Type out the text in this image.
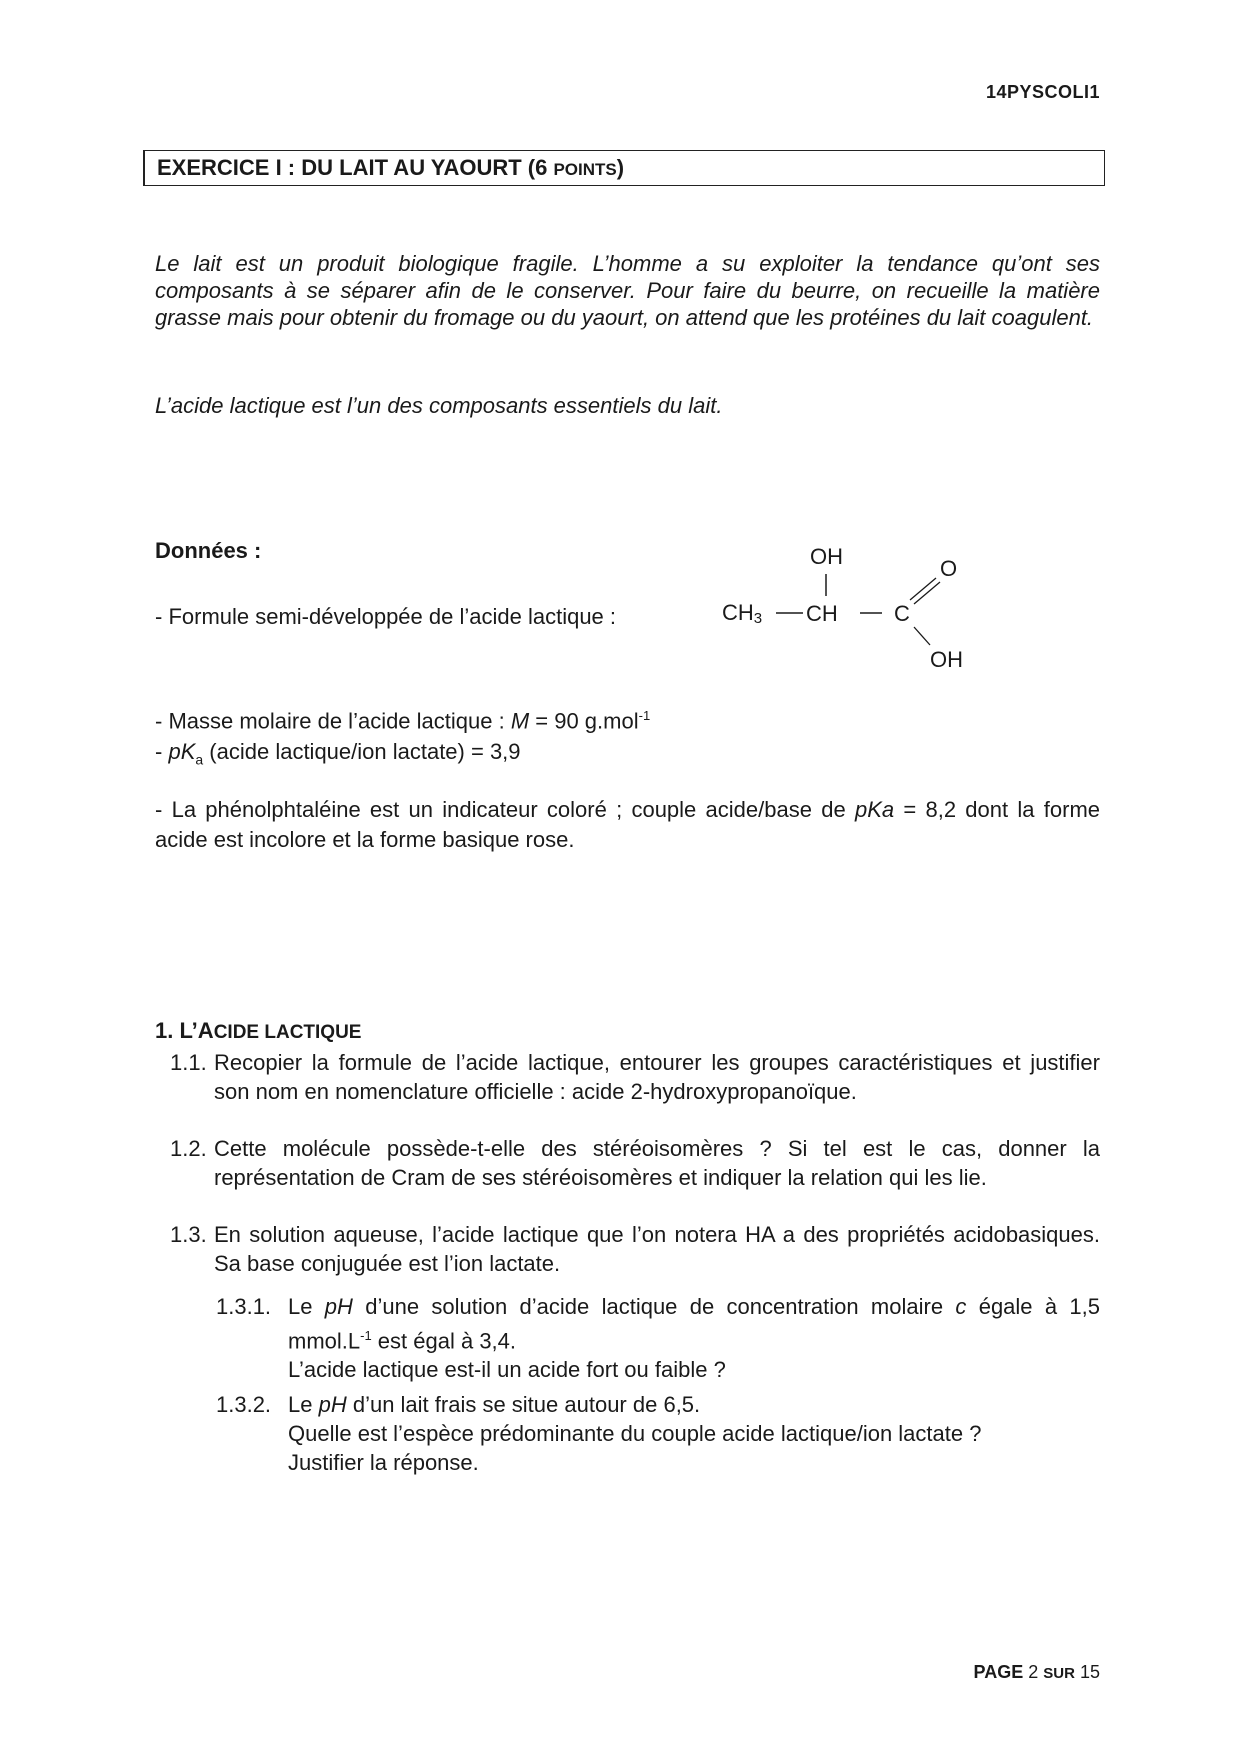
14PYSCOLI1
EXERCICE I : DU LAIT AU YAOURT (6 POINTS)
Le lait est un produit biologique fragile. L’homme a su exploiter la tendance qu’ont ses composants à se séparer afin de le conserver. Pour faire du beurre, on recueille la matière grasse mais pour obtenir du fromage ou du yaourt, on attend que les protéines du lait coagulent.
L’acide lactique est l’un des composants essentiels du lait.
Données :
- Formule semi-développée de l’acide lactique :
OH
CH3 CH	C
O
OH
- Masse molaire de l’acide lactique : M = 90 g.mol$^{-1}$
- $pK_a$ (acide lactique/ion lactate) = 3,9
- La phénolphtaléine est un indicateur coloré ; couple acide/base de pKa = 8,2 dont la forme acide est incolore et la forme basique rose.
1. L’ACIDE LACTIQUE
1.1. Recopier la formule de l’acide lactique, entourer les groupes caractéristiques et justifier son nom en nomenclature officielle : acide 2-hydroxypropanoïque.
1.2. Cette molécule possède-t-elle des stéréoisomères ? Si tel est le cas, donner la représentation de Cram de ses stéréoisomères et indiquer la relation qui les lie.
1.3. En solution aqueuse, l’acide lactique que l’on notera HA a des propriétés acidobasiques. Sa base conjuguée est l’ion lactate.
1.3.1. Le pH d’une solution d’acide lactique de concentration molaire c égale à 1,5 $mmol.L^{-1}$ est égal à 3,4.
L’acide lactique est-il un acide fort ou faible ?
1.3.2. Le pH d’un lait frais se situe autour de 6,5.
Quelle est l’espèce prédominante du couple acide lactique/ion lactate ?
Justifier la réponse.
PAGE 2 SUR 15
